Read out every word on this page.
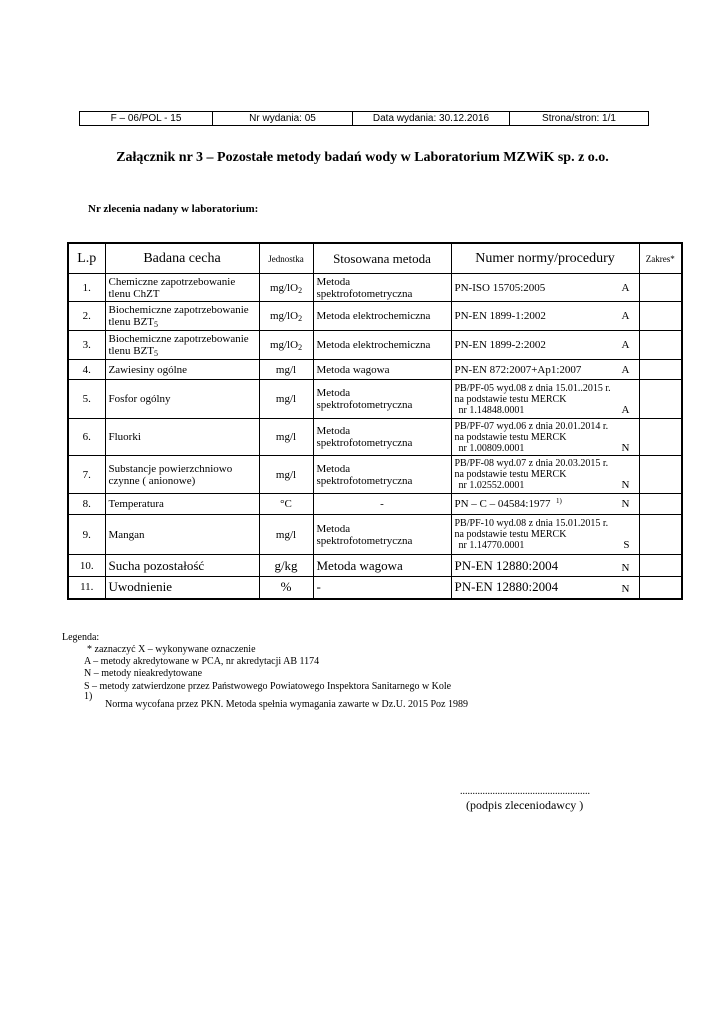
F – 06/POL - 15	Nr wydania: 05	Data wydania: 30.12.2016	Strona/stron: 1/1
Załącznik nr 3 – Pozostałe metody badań wody w Laboratorium MZWiK sp. z o.o.
Nr zlecenia nadany w laboratorium:
L.p	Badana cecha	Jednostka	Stosowana metoda	Numer normy/procedury	Zakres*
1.	Chemiczne zapotrzebowanie tlenu ChZT	$mg/lO_2$	Metoda spektrofotometryczna	PN-ISO 15705:2005 A	

2.	Biochemiczne zapotrzebowanie tlenu $BZT_5$	$mg/lO_2$	Metoda elektrochemiczna	PN-EN 1899-1:2002 A	

3.	Biochemiczne zapotrzebowanie tlenu $BZT_5$	$mg/lO_2$	Metoda elektrochemiczna	PN-EN 1899-2:2002 A	

4.	Zawiesiny ogólne	mg/l	Metoda wagowa	PN-EN 872:2007+Ap1:2007 A	

5.	Fosfor ogólny	mg/l	Metoda spektrofotometryczna	PB/PF-05 wyd.08 z dnia 15.01..2015 r.
na podstawie testu MERCK
nr 1.14848.0001 A	

6.	Fluorki	mg/l	Metoda spektrofotometryczna	PB/PF-07 wyd.06 z dnia 20.01.2014 r.
na podstawie testu MERCK
nr 1.00809.0001 N	

7.	Substancje powierzchniowo czynne ( anionowe)	mg/l	Metoda spektrofotometryczna	PB/PF-08 wyd.07 z dnia 20.03.2015 r.
na podstawie testu MERCK
nr 1.02552.0001 N	

8.	Temperatura	°C	-	PN – C – 04584:1977 $^{1)}$ N	

9.	Mangan	mg/l	Metoda spektrofotometryczna	PB/PF-10 wyd.08 z dnia 15.01.2015 r.
na podstawie testu MERCK
nr 1.14770.0001 S	

10.	Sucha pozostałość	g/kg	Metoda wagowa	PN-EN 12880:2004 N	

11.	Uwodnienie	%	-	PN-EN 12880:2004 N	

Legenda:
* zaznaczyć X – wykonywane oznaczenie
A – metody akredytowane w PCA, nr akredytacji AB 1174
N – metody nieakredytowane
S – metody zatwierdzone przez Państwowego Powiatowego Inspektora Sanitarnego w Kole
1)
Norma wycofana przez PKN. Metoda spełnia wymagania zawarte w Dz.U. 2015 Poz 1989
....................................................
(podpis zleceniodawcy )
